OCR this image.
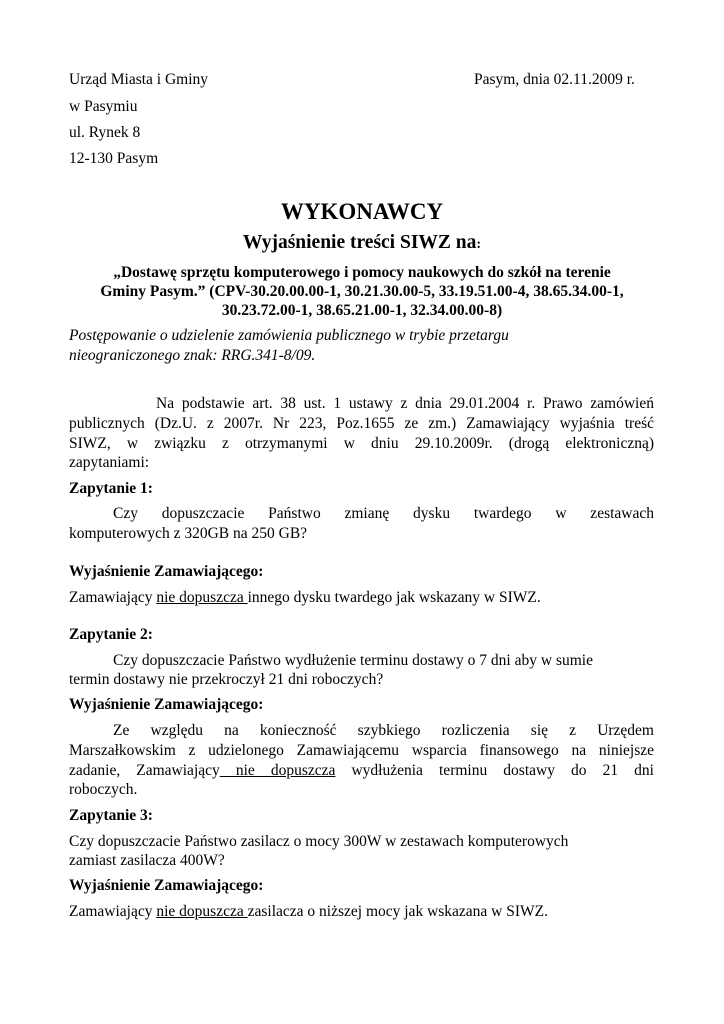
Urząd Miasta i Gminy	Pasym, dnia 02.11.2009 r.
w Pasymiu
ul. Rynek 8
12-130 Pasym
WYKONAWCY
Wyjaśnienie treści SIWZ na:
„Dostawę sprzętu komputerowego i pomocy naukowych do szkół na terenie
Gminy Pasym.” (CPV-30.20.00.00-1, 30.21.30.00-5, 33.19.51.00-4, 38.65.34.00-1,
30.23.72.00-1, 38.65.21.00-1, 32.34.00.00-8)
Postępowanie o udzielenie zamówienia publicznego w trybie przetargu
nieograniczonego znak: RRG.341-8/09.
Na podstawie art. 38 ust. 1 ustawy z dnia 29.01.2004 r. Prawo zamówień
publicznych (Dz.U. z 2007r. Nr 223, Poz.1655 ze zm.) Zamawiający wyjaśnia treść
SIWZ, w związku z otrzymanymi w dniu 29.10.2009r. (drogą elektroniczną)
zapytaniami:
Zapytanie 1:
Czy dopuszczacie Państwo zmianę dysku twardego w zestawach
komputerowych z 320GB na 250 GB?
Wyjaśnienie Zamawiającego:
Zamawiający nie dopuszcza innego dysku twardego jak wskazany w SIWZ.
Zapytanie 2:
Czy dopuszczacie Państwo wydłużenie terminu dostawy o 7 dni aby w sumie
termin dostawy nie przekroczył 21 dni roboczych?
Wyjaśnienie Zamawiającego:
Ze względu na konieczność szybkiego rozliczenia się z Urzędem
Marszałkowskim z udzielonego Zamawiającemu wsparcia finansowego na niniejsze
zadanie, Zamawiający nie dopuszcza wydłużenia terminu dostawy do 21 dni
roboczych.
Zapytanie 3:
Czy dopuszczacie Państwo zasilacz o mocy 300W w zestawach komputerowych
zamiast zasilacza 400W?
Wyjaśnienie Zamawiającego:
Zamawiający nie dopuszcza zasilacza o niższej mocy jak wskazana w SIWZ.
